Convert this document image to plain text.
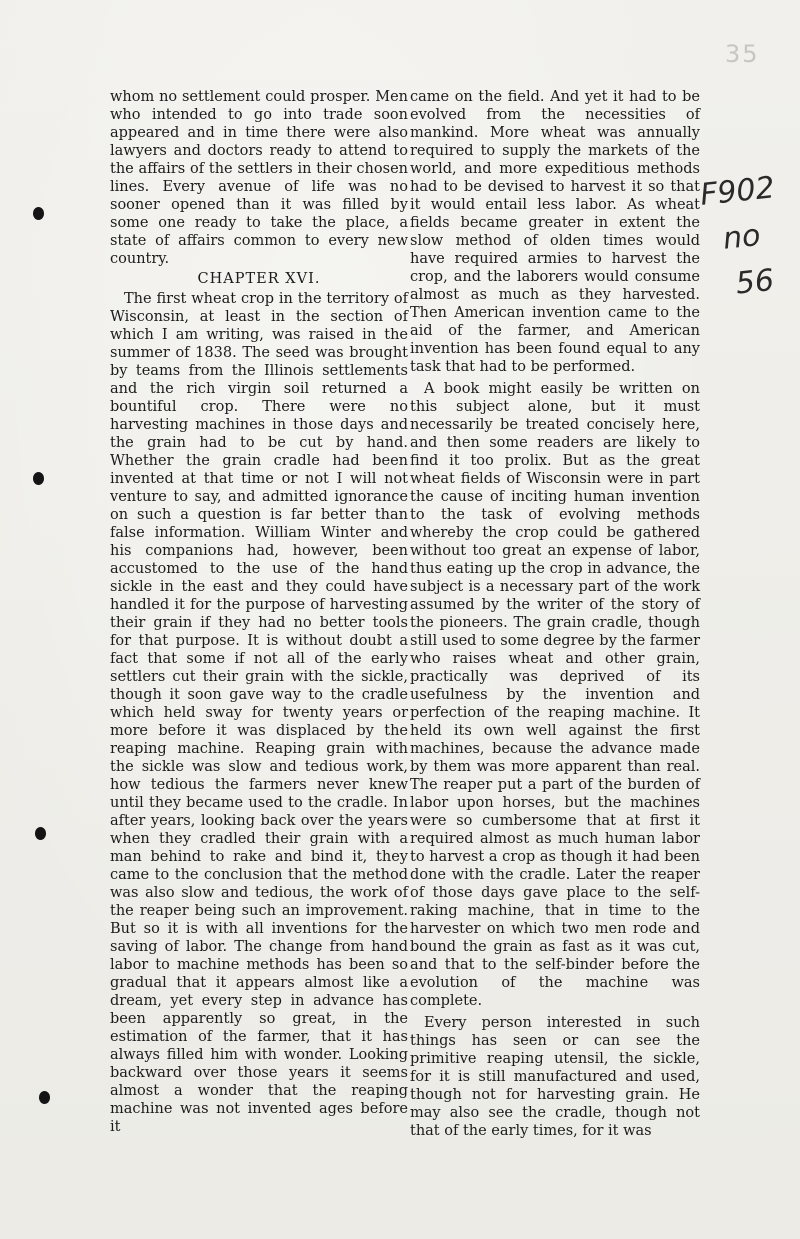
35
F902
no
56

whom no settlement could prosper. Men who intended to go into trade soon appeared and in time there were also lawyers and doctors ready to attend to the affairs of the settlers in their chosen lines. Every avenue of life was no sooner opened than it was filled by some one ready to take the place, a state of affairs common to every new country.

CHAPTER XVI.

The first wheat crop in the territory of Wisconsin, at least in the section of which I am writing, was raised in the summer of 1838. The seed was brought by teams from the Illinois settlements and the rich virgin soil returned a bountiful crop. There were no harvesting machines in those days and the grain had to be cut by hand. Whether the grain cradle had been invented at that time or not I will not venture to say, and admitted ignorance on such a question is far better than false information. William Winter and his companions had, however, been accustomed to the use of the hand sickle in the east and they could have handled it for the purpose of harvesting their grain if they had no better tools for that purpose. It is without doubt a fact that some if not all of the early settlers cut their grain with the sickle, though it soon gave way to the cradle which held sway for twenty years or more before it was displaced by the reaping machine. Reaping grain with the sickle was slow and tedious work, how tedious the farmers never knew until they became used to the cradle. In after years, looking back over the years when they cradled their grain with a man behind to rake and bind it, they came to the conclusion that the method was also slow and tedious, the work of the reaper being such an improvement. But so it is with all inventions for the saving of labor. The change from hand labor to machine methods has been so gradual that it appears almost like a dream, yet every step in advance has been apparently so great, in the estimation of the farmer, that it has always filled him with wonder. Looking backward over those years it seems almost a wonder that the reaping machine was not invented ages before it

came on the field. And yet it had to be evolved from the necessities of mankind. More wheat was annually required to supply the markets of the world, and more expeditious methods had to be devised to harvest it so that it would entail less labor. As wheat fields became greater in extent the slow method of olden times would have required armies to harvest the crop, and the laborers would consume almost as much as they harvested. Then American invention came to the aid of the farmer, and American invention has been found equal to any task that had to be performed.

A book might easily be written on this subject alone, but it must necessarily be treated concisely here, and then some readers are likely to find it too prolix. But as the great wheat fields of Wisconsin were in part the cause of inciting human invention to the task of evolving methods whereby the crop could be gathered without too great an expense of labor, thus eating up the crop in advance, the subject is a necessary part of the work assumed by the writer of the story of the pioneers. The grain cradle, though still used to some degree by the farmer who raises wheat and other grain, practically was deprived of its usefulness by the invention and perfection of the reaping machine. It held its own well against the first machines, because the advance made by them was more apparent than real. The reaper put a part of the burden of labor upon horses, but the machines were so cumbersome that at first it required almost as much human labor to harvest a crop as though it had been done with the cradle. Later the reaper of those days gave place to the self-raking machine, that in time to the harvester on which two men rode and bound the grain as fast as it was cut, and that to the self-binder before the evolution of the machine was complete.

Every person interested in such things has seen or can see the primitive reaping utensil, the sickle, for it is still manufactured and used, though not for harvesting grain. He may also see the cradle, though not that of the early times, for it was
